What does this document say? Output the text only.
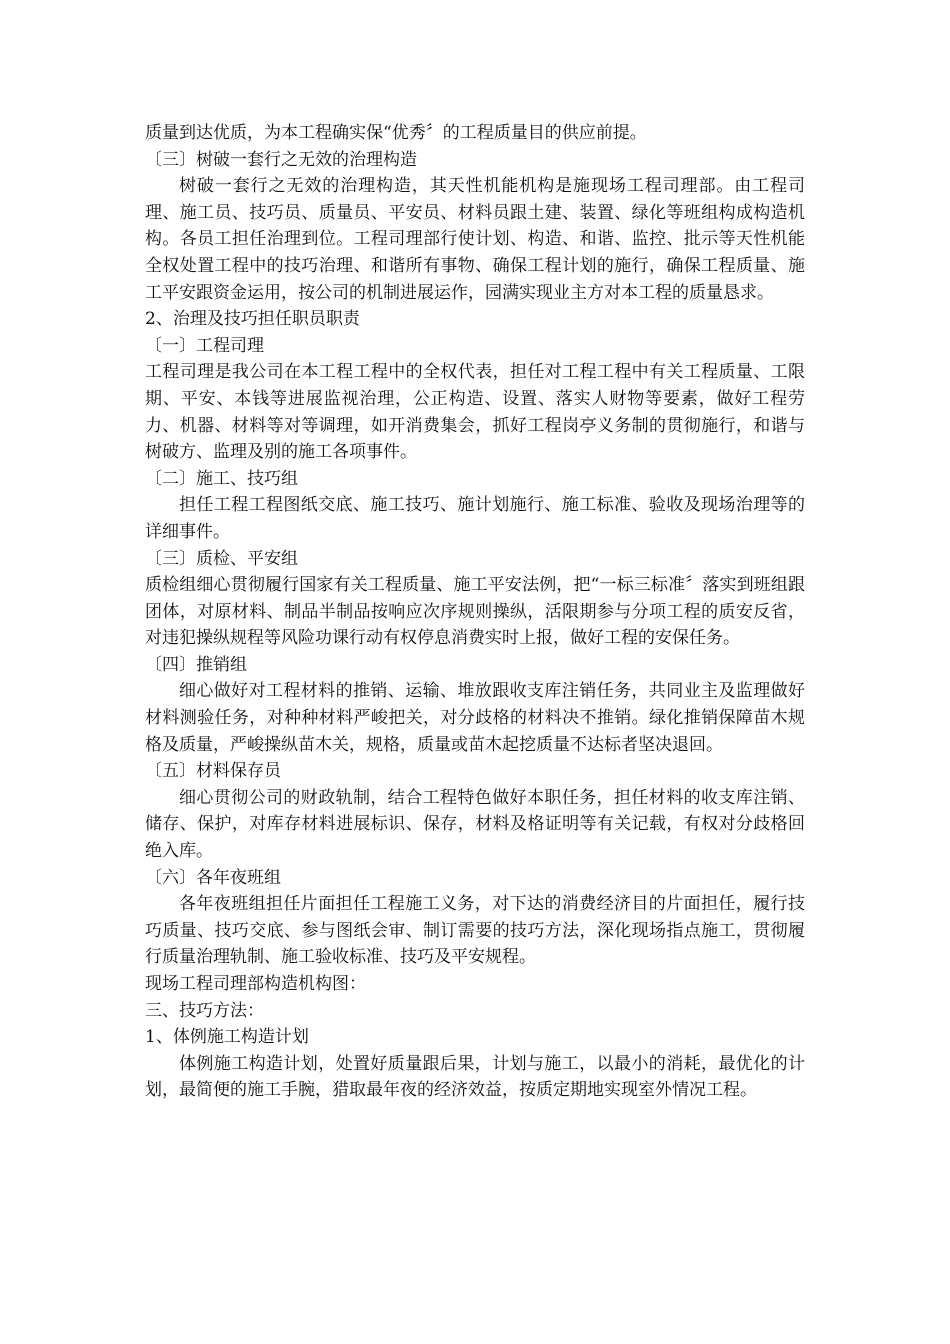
质量到达优质，为本工程确实保“优秀〞的工程质量目的供应前提。
〔三〕树破一套行之无效的治理构造
树破一套行之无效的治理构造，其天性机能机构是施现场工程司理部。由工程司理、施工员、技巧员、质量员、平安员、材料员跟土建、装置、绿化等班组构成构造机构。各员工担任治理到位。工程司理部行使计划、构造、和谐、监控、批示等天性机能全权处置工程中的技巧治理、和谐所有事物、确保工程计划的施行，确保工程质量、施工平安跟资金运用，按公司的机制进展运作，园满实现业主方对本工程的质量恳求。
2、治理及技巧担任职员职责
〔一〕工程司理
工程司理是我公司在本工程工程中的全权代表，担任对工程工程中有关工程质量、工限期、平安、本钱等进展监视治理，公正构造、设置、落实人财物等要素，做好工程劳力、机器、材料等对等调理，如开消费集会，抓好工程岗亭义务制的贯彻施行，和谐与树破方、监理及别的施工各项事件。
〔二〕施工、技巧组
担任工程工程图纸交底、施工技巧、施计划施行、施工标准、验收及现场治理等的详细事件。
〔三〕质检、平安组
质检组细心贯彻履行国家有关工程质量、施工平安法例，把“一标三标准〞落实到班组跟团体，对原材料、制品半制品按响应次序规则操纵，活限期参与分项工程的质安反省，对违犯操纵规程等风险功课行动有权停息消费实时上报，做好工程的安保任务。
〔四〕推销组
细心做好对工程材料的推销、运输、堆放跟收支库注销任务，共同业主及监理做好材料测验任务，对种种材料严峻把关，对分歧格的材料决不推销。绿化推销保障苗木规格及质量，严峻操纵苗木关，规格，质量或苗木起挖质量不达标者坚决退回。
〔五〕材料保存员
细心贯彻公司的财政轨制，结合工程特色做好本职任务，担任材料的收支库注销、储存、保护，对库存材料进展标识、保存，材料及格证明等有关记载，有权对分歧格回绝入库。
〔六〕各年夜班组
各年夜班组担任片面担任工程施工义务，对下达的消费经济目的片面担任，履行技巧质量、技巧交底、参与图纸会审、制订需要的技巧方法，深化现场指点施工，贯彻履行质量治理轨制、施工验收标准、技巧及平安规程。
现场工程司理部构造机构图：
三、技巧方法：
1、体例施工构造计划
体例施工构造计划，处置好质量跟后果，计划与施工，以最小的消耗，最优化的计划，最简便的施工手腕，猎取最年夜的经济效益，按质定期地实现室外情况工程。
